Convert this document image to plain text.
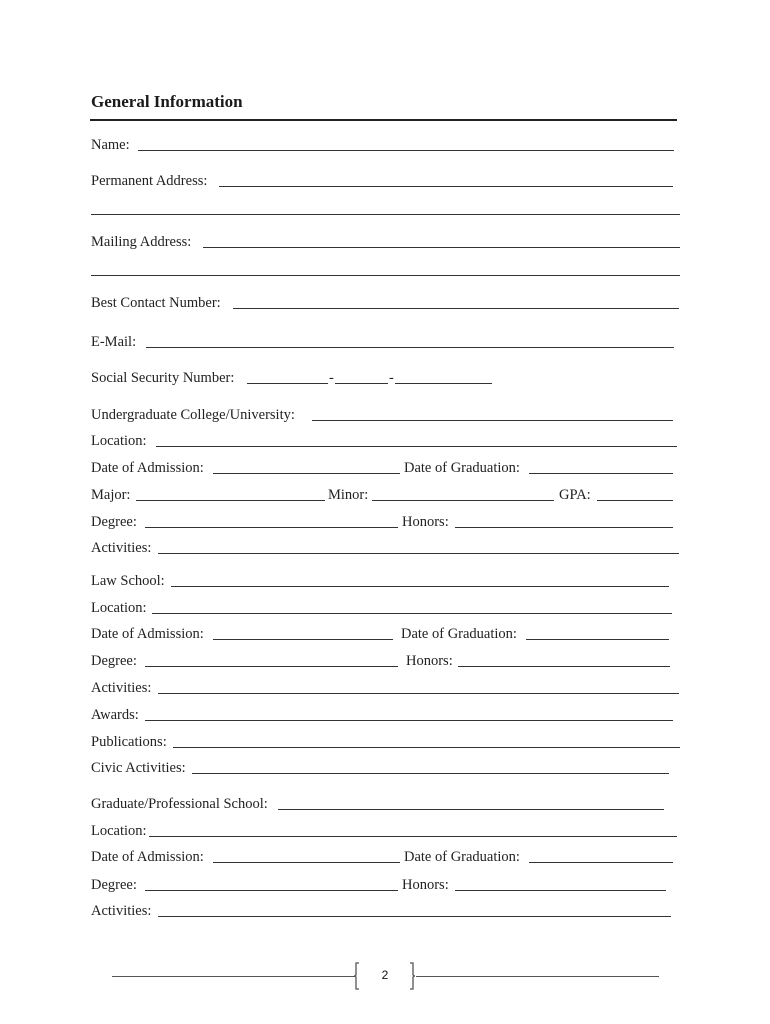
General Information
Name:
Permanent Address:
Mailing Address:
Best Contact Number:
E-Mail:
Social Security Number:	-	-
Undergraduate College/University:
Location:
Date of Admission:	Date of Graduation:
Major:	Minor:	GPA:
Degree:	Honors:
Activities:
Law School:
Location:
Date of Admission:	Date of Graduation:
Degree:	Honors:
Activities:
Awards:
Publications:
Civic Activities:
Graduate/Professional School:
Location:
Date of Admission:	Date of Graduation:
Degree:	Honors:
Activities:
2
